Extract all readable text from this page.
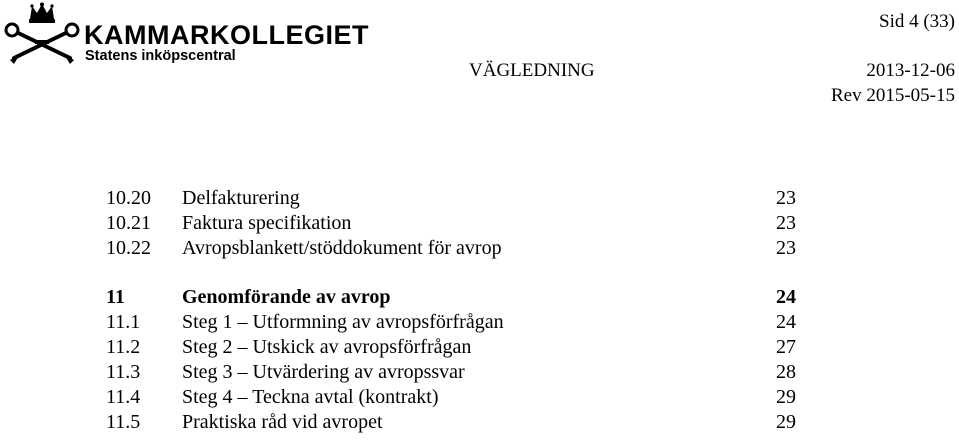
KAMMARKOLLEGIET
Statens inköpscentral
Sid 4 (33)
VÄGLEDNING	2013-12-06
Rev 2015-05-15
10.20 Delfakturering	23
10.21 Faktura specifikation	23
10.22 Avropsblankett/stöddokument för avrop	23
11	Genomförande av avrop	24
11.1 Steg 1 – Utformning av avropsförfrågan	24
11.2 Steg 2 – Utskick av avropsförfrågan	27
11.3 Steg 3 – Utvärdering av avropssvar	28
11.4 Steg 4 – Teckna avtal (kontrakt)	29
11.5 Praktiska råd vid avropet	29
